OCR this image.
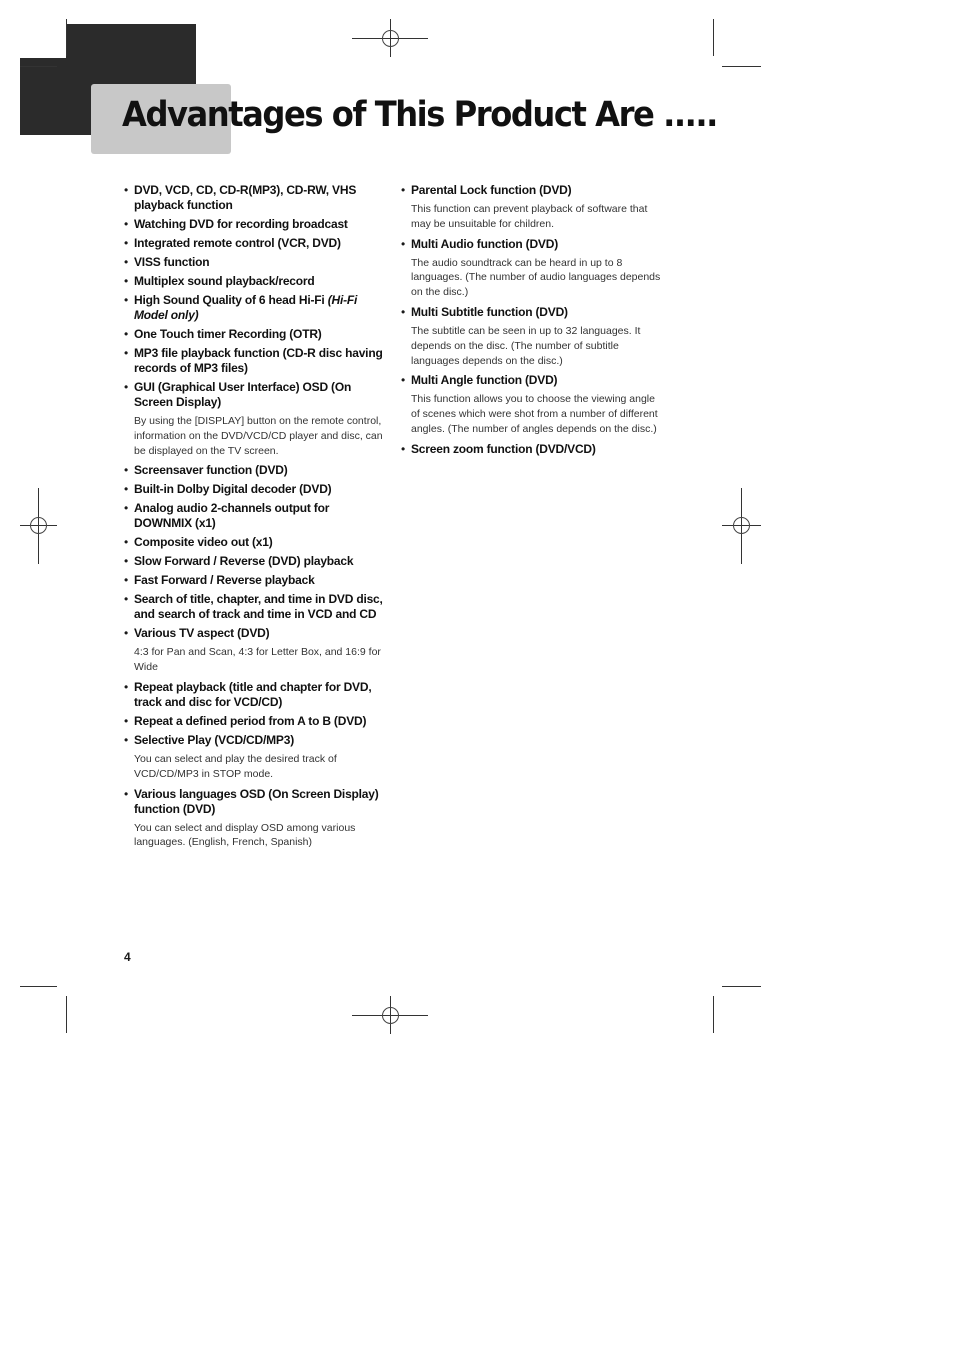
Advantages of This Product Are .....
• DVD, VCD, CD, CD-R(MP3), CD-RW, VHS playback function
• Watching DVD for recording broadcast
• Integrated remote control (VCR, DVD)
• VISS function
• Multiplex sound playback/record
• High Sound Quality of 6 head Hi-Fi (Hi-Fi Model only)
• One Touch timer Recording (OTR)
• MP3 file playback function (CD-R disc having records of MP3 files)
• GUI (Graphical User Interface) OSD (On Screen Display)
By using the [DISPLAY] button on the remote control, information on the DVD/VCD/CD player and disc, can be displayed on the TV screen.
• Screensaver function (DVD)
• Built-in Dolby Digital decoder (DVD)
• Analog audio 2-channels output for DOWNMIX (x1)
• Composite video out (x1)
• Slow Forward / Reverse (DVD) playback
• Fast Forward / Reverse playback
• Search of title, chapter, and time in DVD disc, and search of track and time in VCD and CD
• Various TV aspect (DVD)
4:3 for Pan and Scan, 4:3 for Letter Box, and 16:9 for Wide
• Repeat playback (title and chapter for DVD, track and disc for VCD/CD)
• Repeat a defined period from A to B (DVD)
• Selective Play (VCD/CD/MP3)
You can select and play the desired track of VCD/CD/MP3 in STOP mode.
• Various languages OSD (On Screen Display) function (DVD)
You can select and display OSD among various languages. (English, French, Spanish)
• Parental Lock function (DVD)
This function can prevent playback of software that may be unsuitable for children.
• Multi Audio function (DVD)
The audio soundtrack can be heard in up to 8 languages. (The number of audio languages depends on the disc.)
• Multi Subtitle function (DVD)
The subtitle can be seen in up to 32 languages. It depends on the disc. (The number of subtitle languages depends on the disc.)
• Multi Angle function (DVD)
This function allows you to choose the viewing angle of scenes which were shot from a number of different angles. (The number of angles depends on the disc.)
• Screen zoom function (DVD/VCD)

4
